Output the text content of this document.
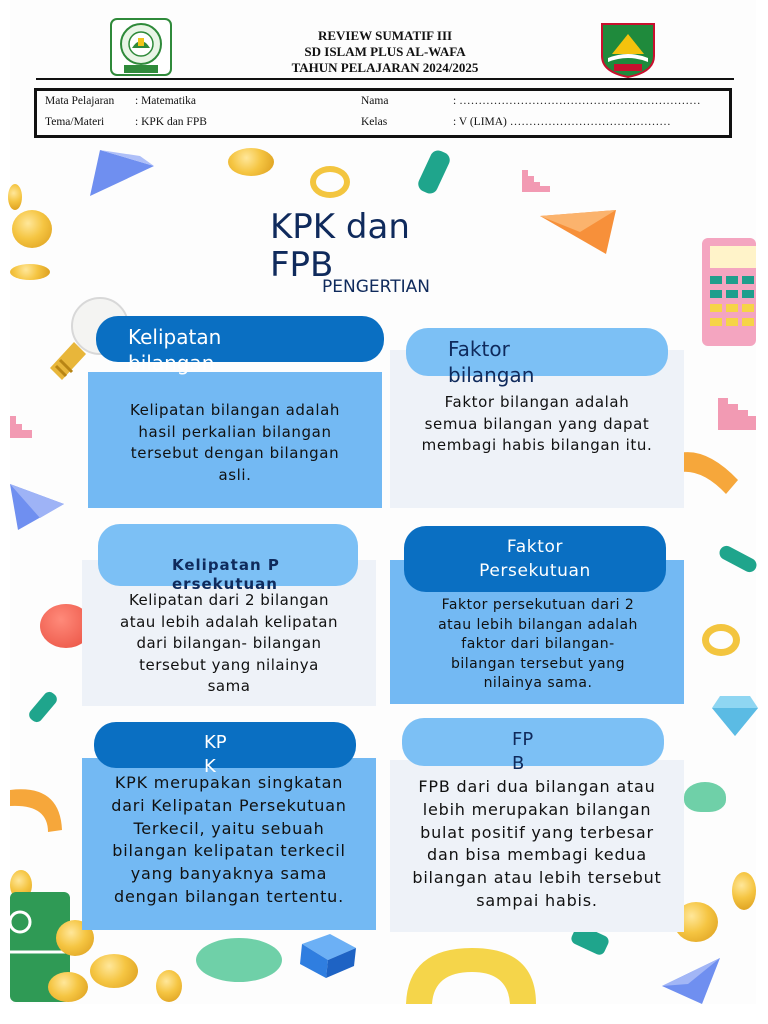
REVIEW SUMATIF III
SD ISLAM PLUS AL-WAFA
TAHUN PELAJARAN 2024/2025
Mata Pelajaran : Matematika	Nama	: ………………………………………………………
Tema/Materi	: KPK dan FPB	Kelas	: V (LIMA) ……………………………………
KPK dan FPB
PENGERTIAN
Kelipatan bilangan adalah hasil perkalian bilangan tersebut dengan bilangan asli.
Kelipatan bilangan
Faktor bilangan adalah semua bilangan yang dapat membagi habis bilangan itu.
Faktor bilangan
Kelipatan dari 2 bilangan atau lebih adalah kelipatan dari bilangan- bilangan tersebut yang nilainya sama
Kelipatan Persekutuan
Faktor persekutuan dari 2 atau lebih bilangan adalah faktor dari bilangan- bilangan tersebut yang nilainya sama.
Faktor Persekutuan
KPK merupakan singkatan dari Kelipatan Persekutuan Terkecil, yaitu sebuah bilangan kelipatan terkecil yang banyaknya sama dengan bilangan tertentu.
KPK
FPB dari dua bilangan atau lebih merupakan bilangan bulat positif yang terbesar dan bisa membagi kedua bilangan atau lebih tersebut sampai habis.
FPB
